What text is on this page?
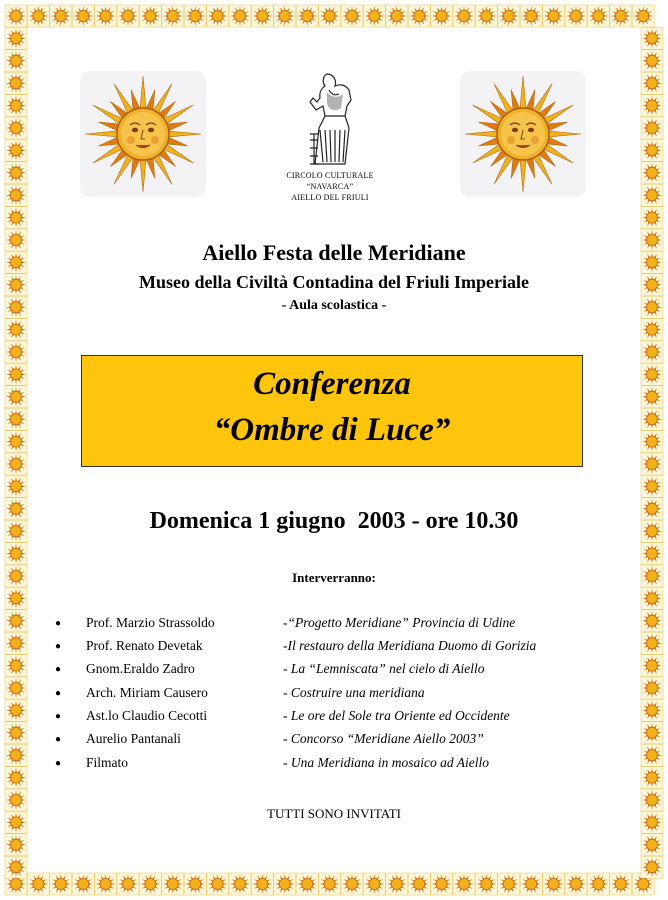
CIRCOLO CULTURALE
“NAVARCA”
AIELLO DEL FRIULI
Aiello Festa delle Meridiane
Museo della Civiltà Contadina del Friuli Imperiale
- Aula scolastica -
Conferenza
“Ombre di Luce”
Domenica 1 giugno  2003 - ore 10.30
Interverranno:
● Prof. Marzio Strassoldo	-“Progetto Meridiane” Provincia di Udine
● Prof. Renato Devetak	-Il restauro della Meridiana Duomo di Gorizia
● Gnom.Eraldo Zadro	- La “Lemniscata” nel cielo di Aiello
● Arch. Miriam Causero	- Costruire una meridiana
● Ast.lo Claudio Cecotti	- Le ore del Sole tra Oriente ed Occidente
● Aurelio Pantanali	- Concorso “Meridiane Aiello 2003”
● Filmato	- Una Meridiana in mosaico ad Aiello
TUTTI SONO INVITATI
